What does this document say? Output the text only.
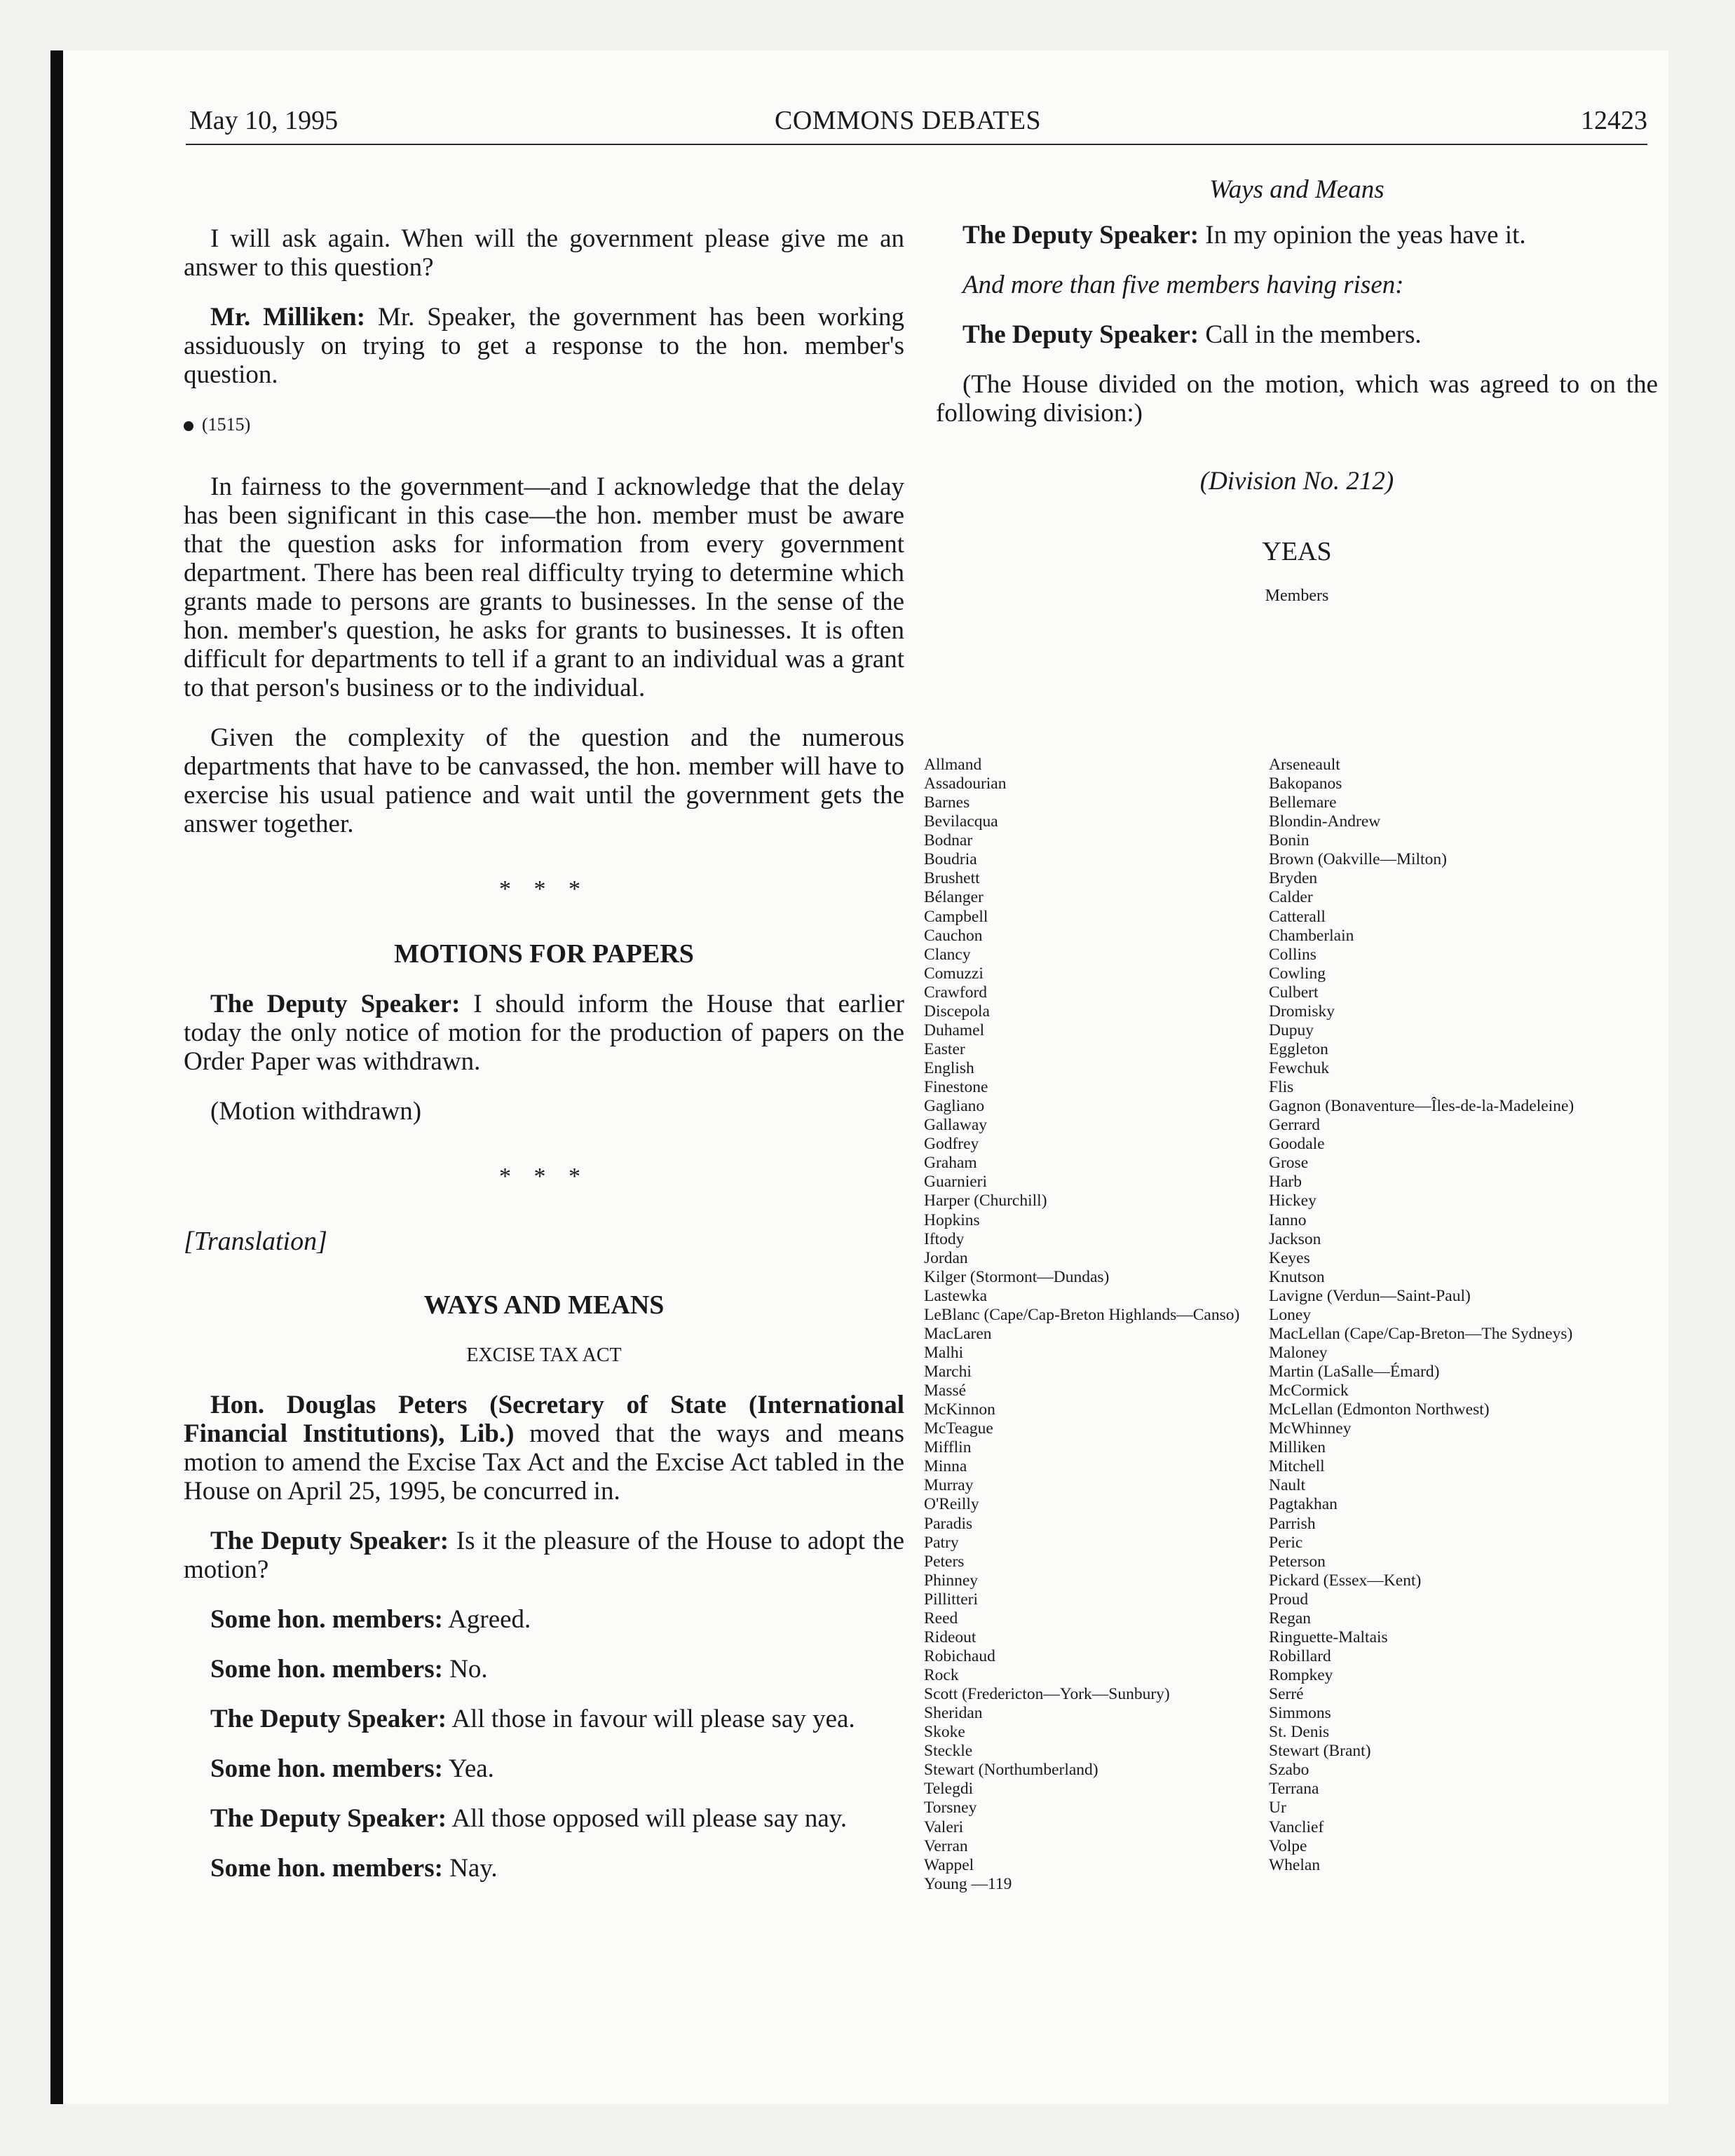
May 10, 1995	COMMONS DEBATES	12423

I will ask again. When will the government please give me an answer to this question?

Mr. Milliken: Mr. Speaker, the government has been working assiduously on trying to get a response to the hon. member's question.

(1515)

In fairness to the government—and I acknowledge that the delay has been significant in this case—the hon. member must be aware that the question asks for information from every government department. There has been real difficulty trying to determine which grants made to persons are grants to businesses. In the sense of the hon. member's question, he asks for grants to businesses. It is often difficult for departments to tell if a grant to an individual was a grant to that person's business or to the individual.

Given the complexity of the question and the numerous departments that have to be canvassed, the hon. member will have to exercise his usual patience and wait until the government gets the answer together.

* * *
MOTIONS FOR PAPERS

The Deputy Speaker: I should inform the House that earlier today the only notice of motion for the production of papers on the Order Paper was withdrawn.

(Motion withdrawn)
* * *
[Translation]
WAYS AND MEANS
EXCISE TAX ACT

Hon. Douglas Peters (Secretary of State (International Financial Institutions), Lib.) moved that the ways and means motion to amend the Excise Tax Act and the Excise Act tabled in the House on April 25, 1995, be concurred in.

The Deputy Speaker: Is it the pleasure of the House to adopt the motion?

Some hon. members: Agreed.

Some hon. members: No.

The Deputy Speaker: All those in favour will please say yea.

Some hon. members: Yea.

The Deputy Speaker: All those opposed will please say nay.

Some hon. members: Nay.

Ways and Means

The Deputy Speaker: In my opinion the yeas have it.

And more than five members having risen:

The Deputy Speaker: Call in the members.

(The House divided on the motion, which was agreed to on the following division:)

(Division No. 212)
YEAS
Members
Allmand
Assadourian
Barnes
Bevilacqua
Bodnar
Boudria
Brushett
Bélanger
Campbell
Cauchon
Clancy
Comuzzi
Crawford
Discepola
Duhamel
Easter
English
Finestone
Gagliano
Gallaway
Godfrey
Graham
Guarnieri
Harper (Churchill)
Hopkins
Iftody
Jordan
Kilger (Stormont—Dundas)
Lastewka
LeBlanc (Cape/Cap-Breton Highlands—Canso)
MacLaren
Malhi
Marchi
Massé
McKinnon
McTeague
Mifflin
Minna
Murray
O'Reilly
Paradis
Patry
Peters
Phinney
Pillitteri
Reed
Rideout
Robichaud
Rock
Scott (Fredericton—York—Sunbury)
Sheridan
Skoke
Steckle
Stewart (Northumberland)
Telegdi
Torsney
Valeri
Verran
Wappel
Young —119
Arseneault
Bakopanos
Bellemare
Blondin-Andrew
Bonin
Brown (Oakville—Milton)
Bryden
Calder
Catterall
Chamberlain
Collins
Cowling
Culbert
Dromisky
Dupuy
Eggleton
Fewchuk
Flis
Gagnon (Bonaventure—Îles-de-la-Madeleine)
Gerrard
Goodale
Grose
Harb
Hickey
Ianno
Jackson
Keyes
Knutson
Lavigne (Verdun—Saint-Paul)
Loney
MacLellan (Cape/Cap-Breton—The Sydneys)
Maloney
Martin (LaSalle—Émard)
McCormick
McLellan (Edmonton Northwest)
McWhinney
Milliken
Mitchell
Nault
Pagtakhan
Parrish
Peric
Peterson
Pickard (Essex—Kent)
Proud
Regan
Ringuette-Maltais
Robillard
Rompkey
Serré
Simmons
St. Denis
Stewart (Brant)
Szabo
Terrana
Ur
Vanclief
Volpe
Whelan
